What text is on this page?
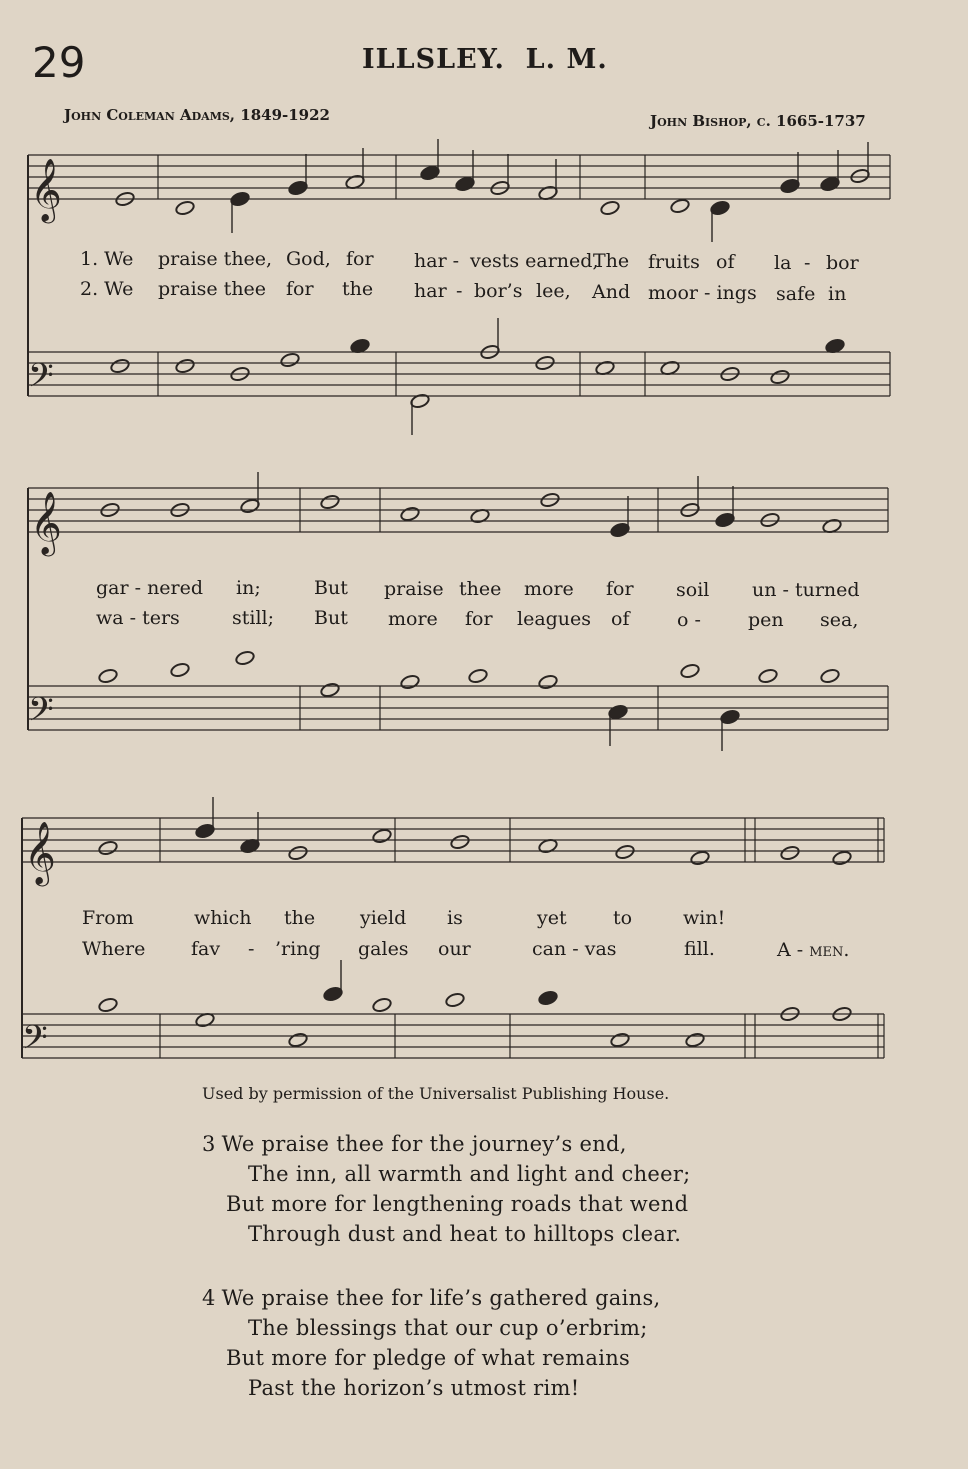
29	ILLSLEY.  L. M.
John Coleman Adams, 1849-1922	John Bishop, c. 1665-1737
𝄞
𝄢
𝄞
𝄢
𝄞
𝄢
1. We praise thee, God, for har - vests earned,
The fruits of la - bor
2. We praise thee for the har - bor’s lee, And moor - ings safe in
gar - nered in;	But praise thee more for soil un - turned
wa - ters	still; But more for leagues of	o - pen sea,
From	which the yield is	yet to	win!
Where fav - ’ring gales our	can - vas	fill.	A - men.
Used by permission of the Universalist Publishing House.
3 We praise thee for the journey’s end,
The inn, all warmth and light and cheer;
But more for lengthening roads that wend
Through dust and heat to hilltops clear.
4 We praise thee for life’s gathered gains,
The blessings that our cup o’erbrim;
But more for pledge of what remains
Past the horizon’s utmost rim!
